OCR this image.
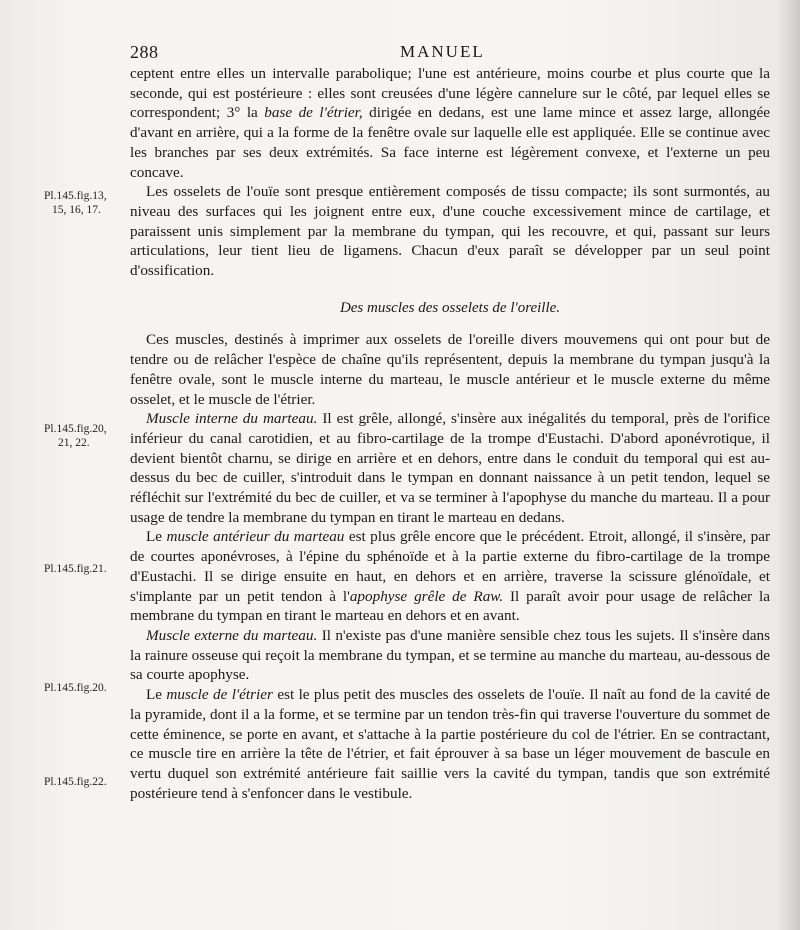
288	MANUEL
Pl.145.fig.13,
15, 16, 17.
Pl.145.fig.20,
21, 22.
Pl.145.fig.21.
Pl.145.fig.20.
Pl.145.fig.22.

ceptent entre elles un intervalle parabolique; l'une est antérieure, moins courbe et plus courte que la seconde, qui est postérieure : elles sont creusées d'une légère cannelure sur le côté, par lequel elles se correspondent; 3° la base de l'étrier, dirigée en dedans, est une lame mince et assez large, allongée d'avant en arrière, qui a la forme de la fenêtre ovale sur laquelle elle est appliquée. Elle se continue avec les branches par ses deux extrémités. Sa face interne est légèrement convexe, et l'externe un peu concave.

Les osselets de l'ouïe sont presque entièrement composés de tissu compacte; ils sont surmontés, au niveau des surfaces qui les joignent entre eux, d'une couche excessivement mince de cartilage, et paraissent unis simplement par la membrane du tympan, qui les recouvre, et qui, passant sur leurs articulations, leur tient lieu de ligamens. Chacun d'eux paraît se développer par un seul point d'ossification.

Des muscles des osselets de l'oreille.

Ces muscles, destinés à imprimer aux osselets de l'oreille divers mouvemens qui ont pour but de tendre ou de relâcher l'espèce de chaîne qu'ils représentent, depuis la membrane du tympan jusqu'à la fenêtre ovale, sont le muscle interne du marteau, le muscle antérieur et le muscle externe du même osselet, et le muscle de l'étrier.

Muscle interne du marteau. Il est grêle, allongé, s'insère aux inégalités du temporal, près de l'orifice inférieur du canal carotidien, et au fibro-cartilage de la trompe d'Eustachi. D'abord aponévrotique, il devient bientôt charnu, se dirige en arrière et en dehors, entre dans le conduit du temporal qui est au-dessus du bec de cuiller, s'introduit dans le tympan en donnant naissance à un petit tendon, lequel se réfléchit sur l'extrémité du bec de cuiller, et va se terminer à l'apophyse du manche du marteau. Il a pour usage de tendre la membrane du tympan en tirant le marteau en dedans.

Le muscle antérieur du marteau est plus grêle encore que le précédent. Etroit, allongé, il s'insère, par de courtes aponévroses, à l'épine du sphénoïde et à la partie externe du fibro-cartilage de la trompe d'Eustachi. Il se dirige ensuite en haut, en dehors et en arrière, traverse la scissure glénoïdale, et s'implante par un petit tendon à l'apophyse grêle de Raw. Il paraît avoir pour usage de relâcher la membrane du tympan en tirant le marteau en dehors et en avant.

Muscle externe du marteau. Il n'existe pas d'une manière sensible chez tous les sujets. Il s'insère dans la rainure osseuse qui reçoit la membrane du tympan, et se termine au manche du marteau, au-dessous de sa courte apophyse.

Le muscle de l'étrier est le plus petit des muscles des osselets de l'ouïe. Il naît au fond de la cavité de la pyramide, dont il a la forme, et se termine par un tendon très-fin qui traverse l'ouverture du sommet de cette éminence, se porte en avant, et s'attache à la partie postérieure du col de l'étrier. En se contractant, ce muscle tire en arrière la tête de l'étrier, et fait éprouver à sa base un léger mouvement de bascule en vertu duquel son extrémité antérieure fait saillie vers la cavité du tympan, tandis que son extrémité postérieure tend à s'enfoncer dans le vestibule.
